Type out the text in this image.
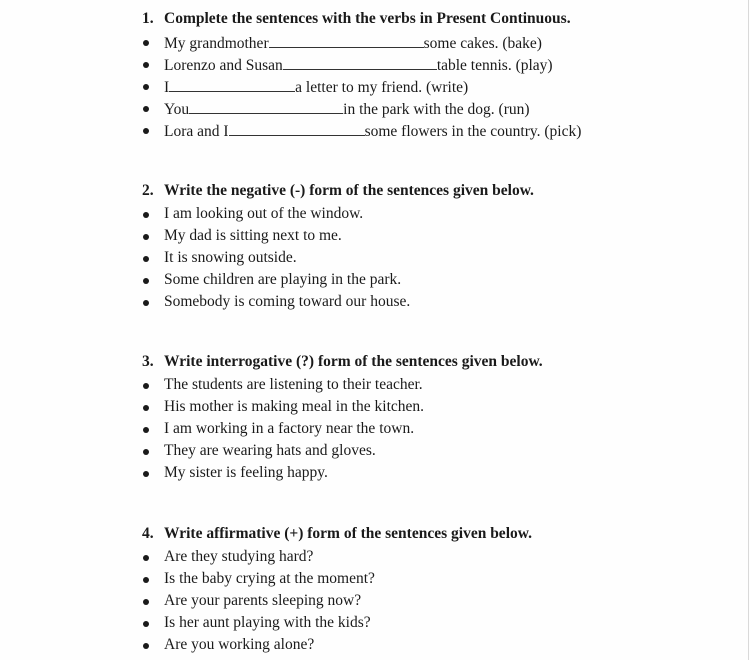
1. Complete the sentences with the verbs in Present Continuous.
My grandmother	some cakes. (bake)
Lorenzo and Susan	table tennis. (play)
I	a letter to my friend. (write)
You	in the park with the dog. (run)
Lora and I	some flowers in the country. (pick)
2. Write the negative (-) form of the sentences given below.
I am looking out of the window.
My dad is sitting next to me.
It is snowing outside.
Some children are playing in the park.
Somebody is coming toward our house.
3. Write interrogative (?) form of the sentences given below.
The students are listening to their teacher.
His mother is making meal in the kitchen.
I am working in a factory near the town.
They are wearing hats and gloves.
My sister is feeling happy.
4. Write affirmative (+) form of the sentences given below.
Are they studying hard?
Is the baby crying at the moment?
Are your parents sleeping now?
Is her aunt playing with the kids?
Are you working alone?
